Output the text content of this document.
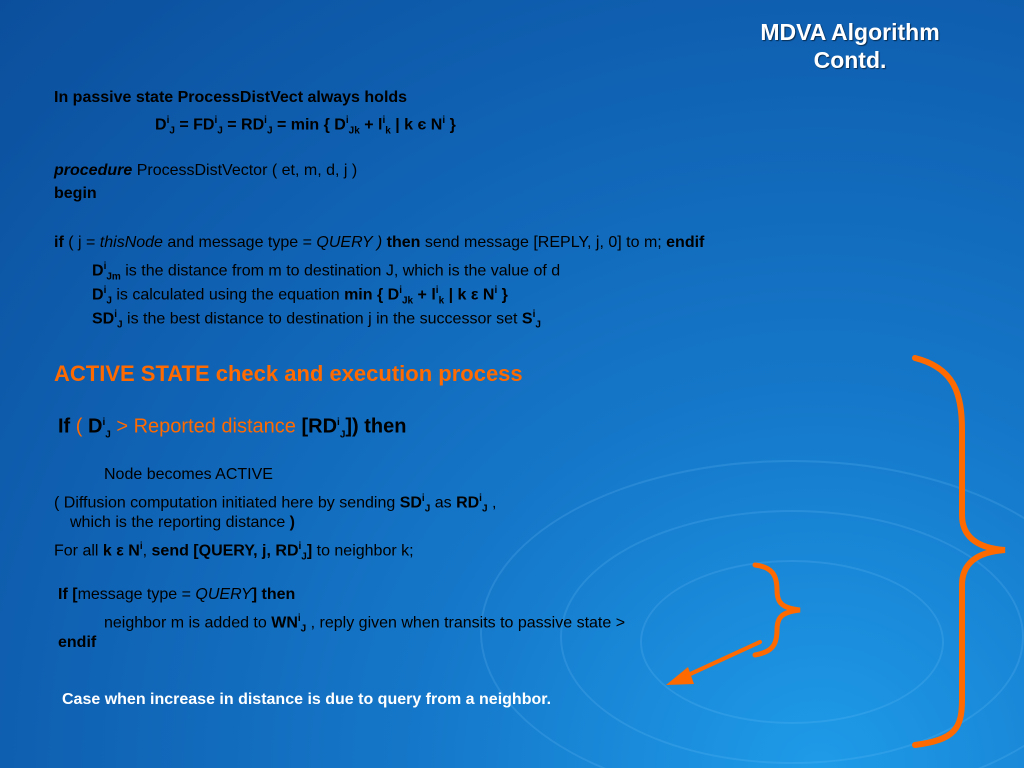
MDVA Algorithm
Contd.
In passive state ProcessDistVect always holds
$D^i_J = FD^i_J = RD^i_J = \min$ { $D^i_{Jk} + l^i_k$ | k є $N^i$ }
procedure ProcessDistVector ( et, m, d, j )
begin
if ( j = thisNode and message type = QUERY ) then send message [REPLY, j, 0] to m; endif
$D^i_{Jm}$ is the distance from m to destination J, which is the value of d
$D^i_J$ is calculated using the equation min { $D^i_{Jk} + l^i_k$ | k ε $N^i$ }
$SD^i_J$ is the best distance to destination j in the successor set $S^i_J$
ACTIVE STATE check and execution process
If ( $D^i_J$ > Reported distance $[RD^i_J]$) then
Node becomes ACTIVE
( Diffusion computation initiated here by sending $SD^i_J$ as $RD^i_J$ ,
which is the reporting distance )
For all k ε $N^i$, send [QUERY, j, $RD^i_J$] to neighbor k;
If [message type = QUERY] then
neighbor m is added to $WN^i_J$ , reply given when transits to passive state >
endif
Case when increase in distance is due to query from a neighbor.
